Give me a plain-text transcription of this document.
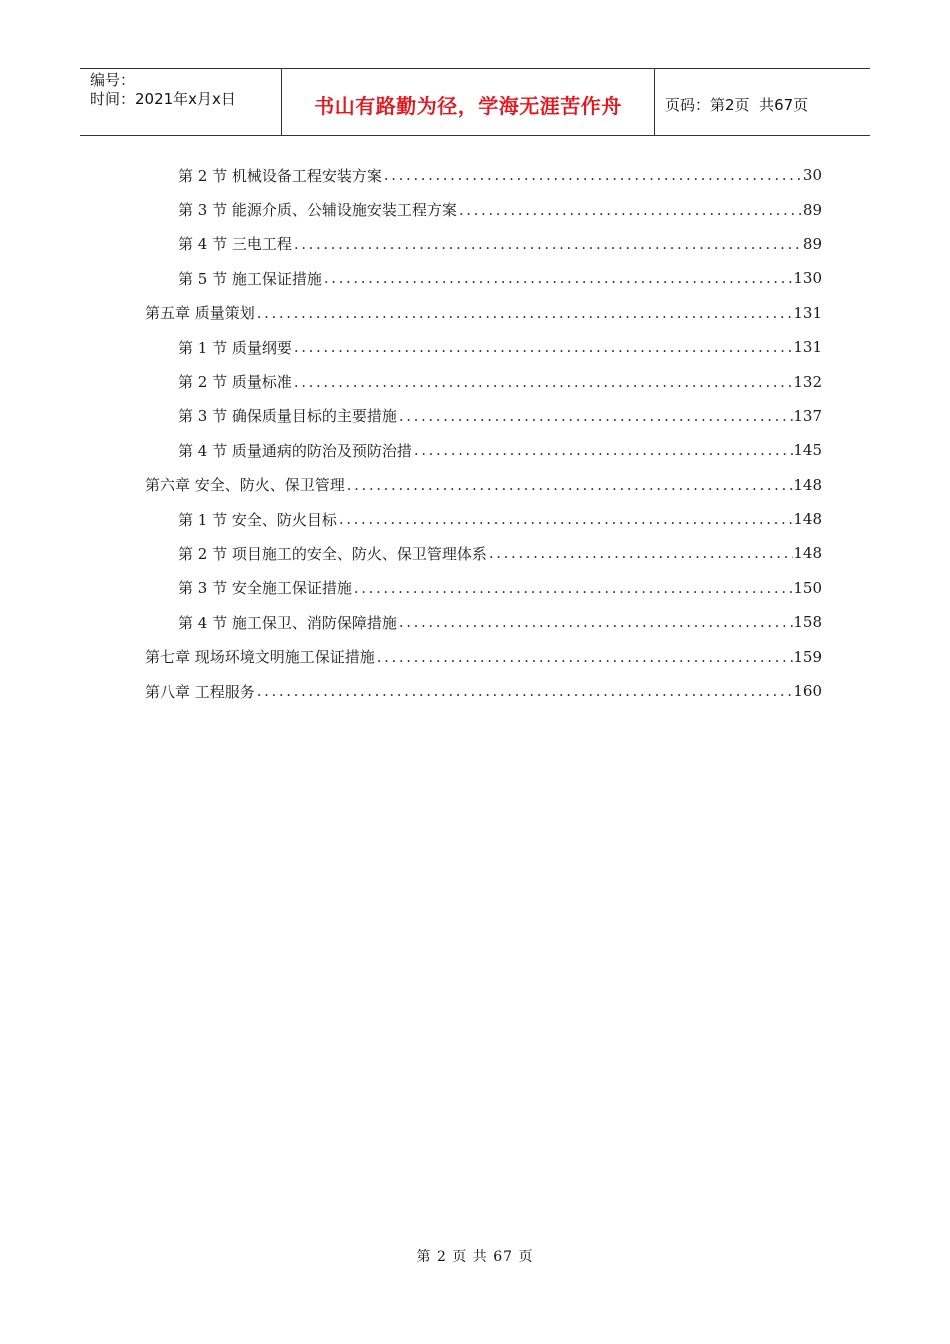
编号：
时间：2021年x月x日	书山有路勤为径，学海无涯苦作舟	页码：第2页  共67页
第 2 节 机械设备工程安装方案 .....	30
第 3 节 能源介质、公辅设施安装工程方案 .....	89
第 4 节 三电工程 .....	89
第 5 节 施工保证措施 .....	130
第五章 质量策划 .....	131
第 1 节 质量纲要 .....	131
第 2 节 质量标准 .....	132
第 3 节 确保质量目标的主要措施 .....	137
第 4 节 质量通病的防治及预防治措 .....	145
第六章 安全、防火、保卫管理 .....	148
第 1 节 安全、防火目标 .....	148
第 2 节 项目施工的安全、防火、保卫管理体系 .....	148
第 3 节 安全施工保证措施 .....	150
第 4 节 施工保卫、消防保障措施 .....	158
第七章 现场环境文明施工保证措施 .....	159
第八章 工程服务 .....	160
第 2 页 共 67 页
